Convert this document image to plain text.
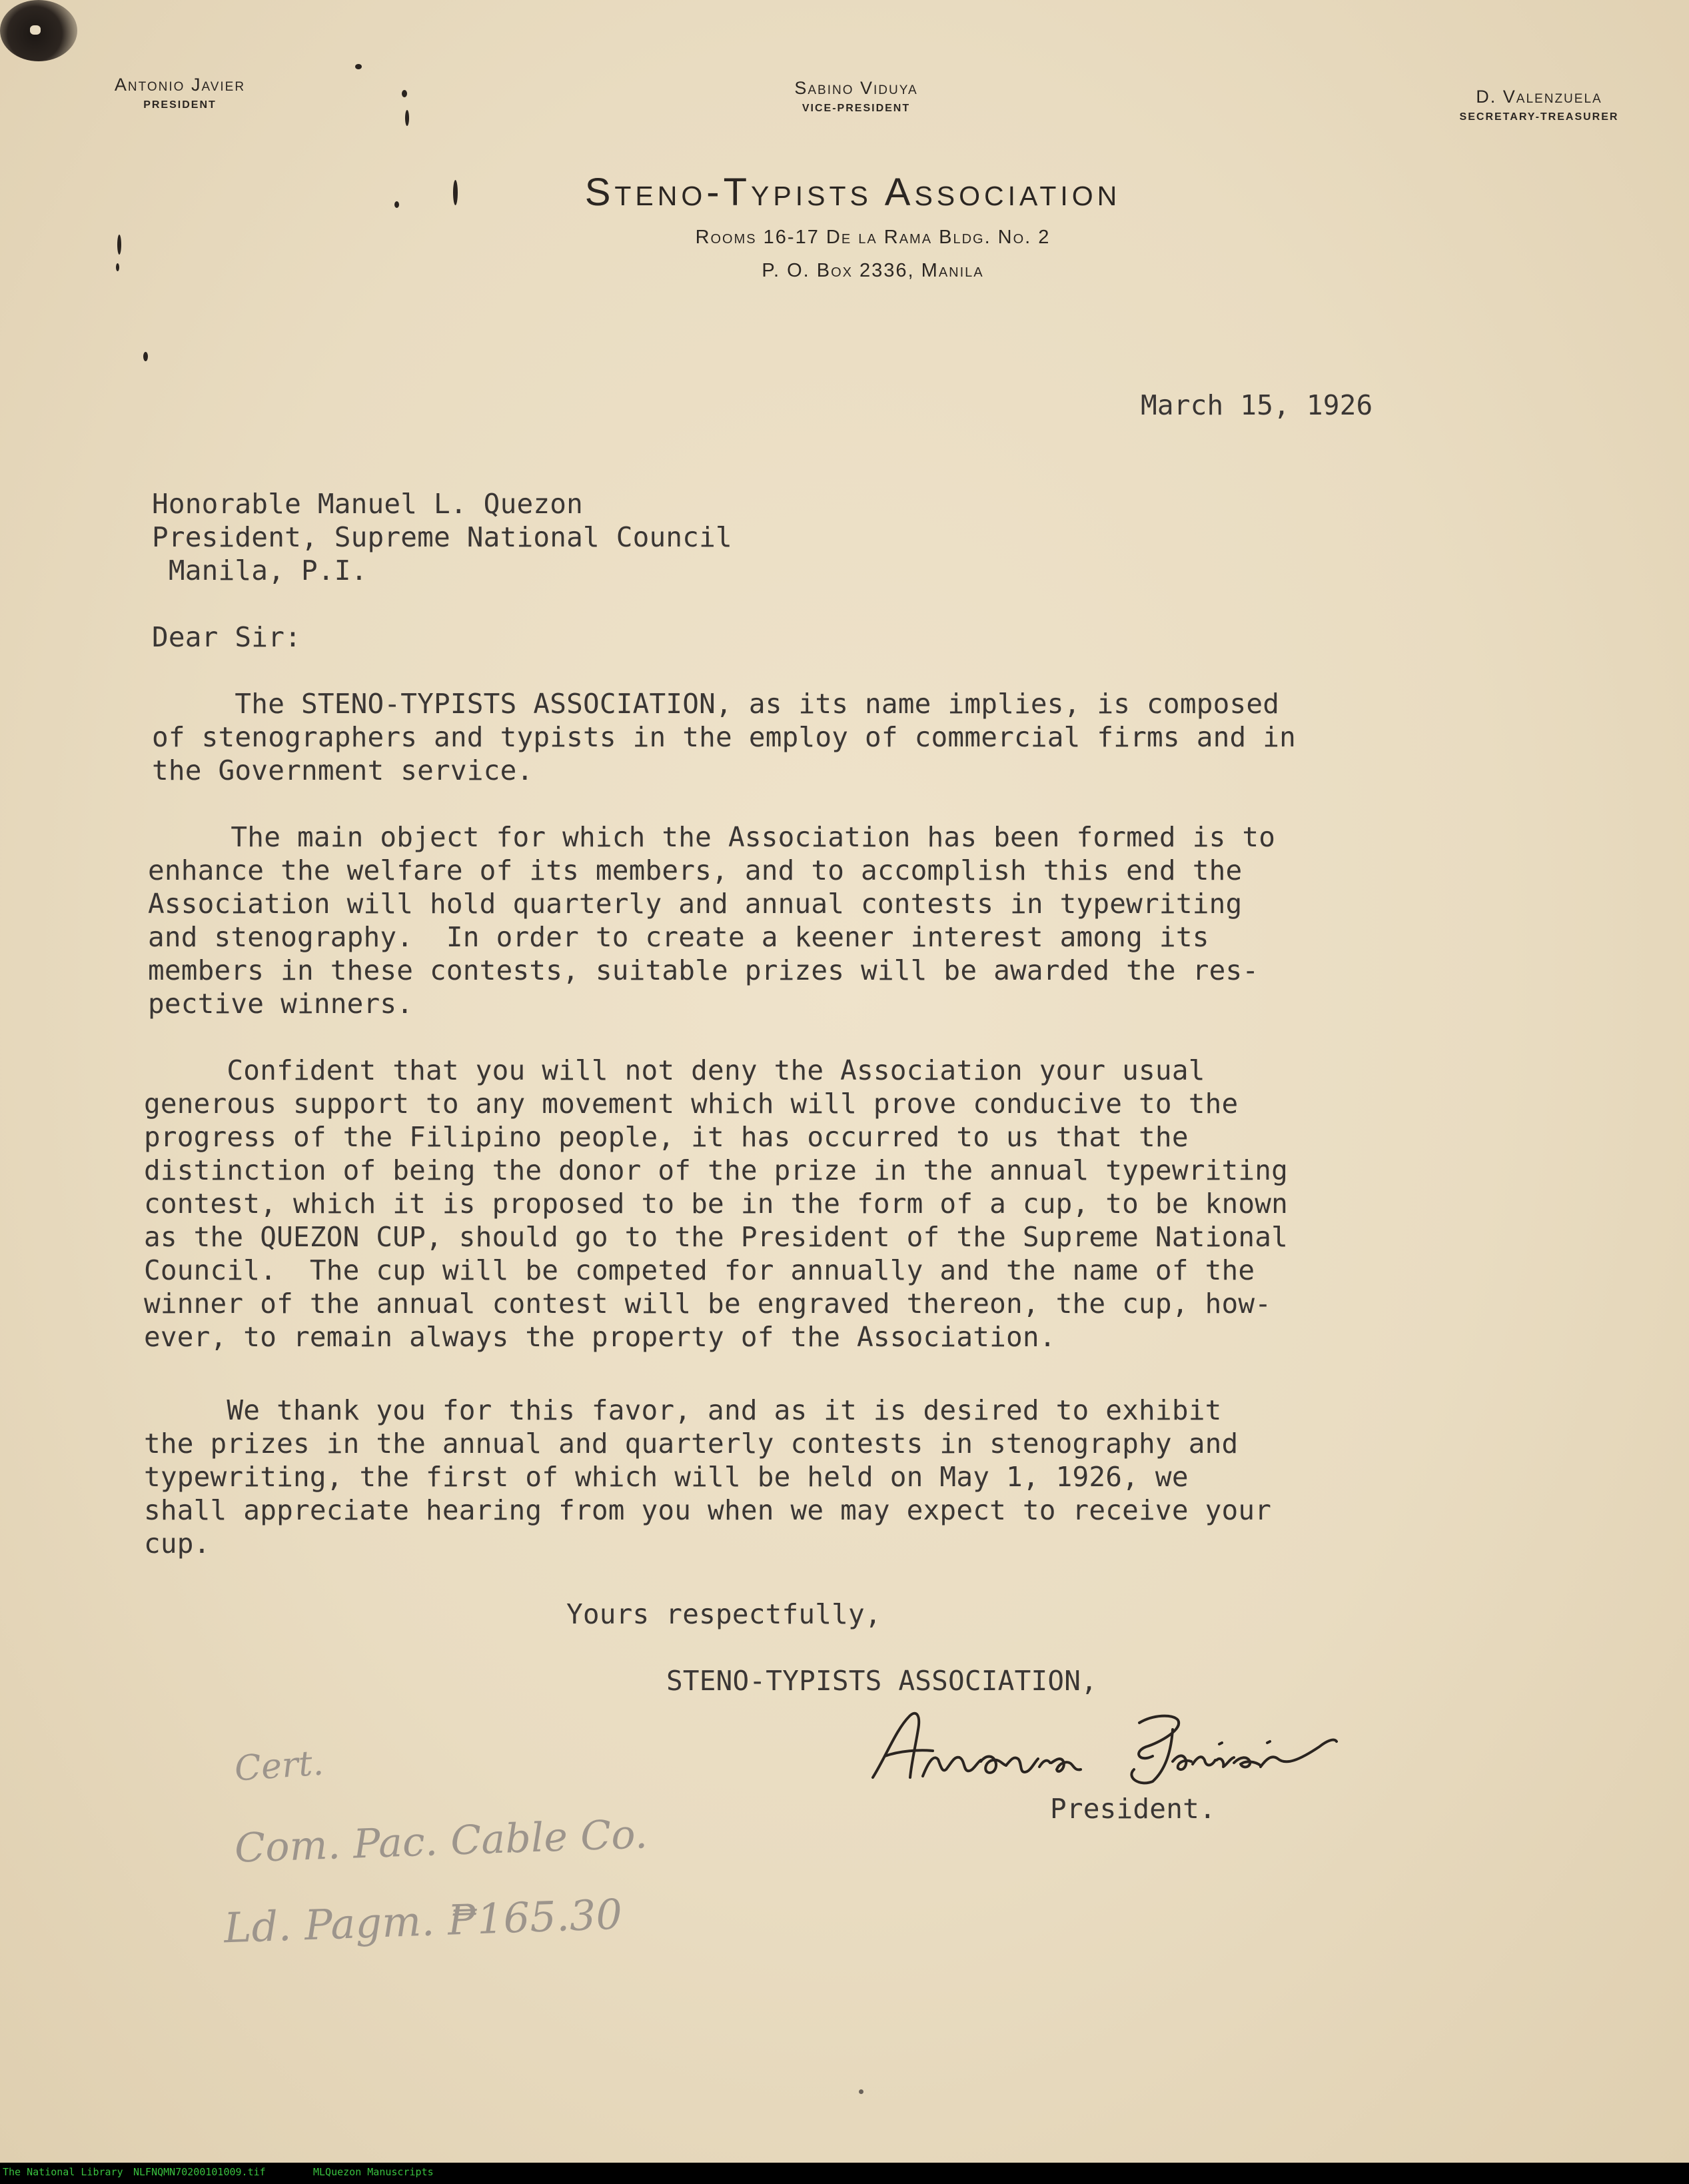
Antonio Javier
PRESIDENT
Sabino Viduya
VICE-PRESIDENT
D. Valenzuela
SECRETARY-TREASURER
Steno-Typists Association
Rooms 16-17 De la Rama Bldg. No. 2
P. O. Box 2336, Manila
March 15, 1926
Honorable Manuel L. Quezon
President, Supreme National Council
Manila, P.I.
Dear Sir:
The STENO-TYPISTS ASSOCIATION, as its name implies, is composed
of stenographers and typists in the employ of commercial firms and in
the Government service.
The main object for which the Association has been formed is to
enhance the welfare of its members, and to accomplish this end the
Association will hold quarterly and annual contests in typewriting
and stenography.  In order to create a keener interest among its
members in these contests, suitable prizes will be awarded the res-
pective winners.
Confident that you will not deny the Association your usual
generous support to any movement which will prove conducive to the
progress of the Filipino people, it has occurred to us that the
distinction of being the donor of the prize in the annual typewriting
contest, which it is proposed to be in the form of a cup, to be known
as the QUEZON CUP, should go to the President of the Supreme National
Council.  The cup will be competed for annually and the name of the
winner of the annual contest will be engraved thereon, the cup, how-
ever, to remain always the property of the Association.
We thank you for this favor, and as it is desired to exhibit
the prizes in the annual and quarterly contests in stenography and
typewriting, the first of which will be held on May 1, 1926, we
shall appreciate hearing from you when we may expect to receive your
cup.
Yours respectfully,
STENO-TYPISTS ASSOCIATION,
President.
Cert.
Com. Pac. Cable Co.
Ld. Pagm. ₱165.30
The National Library NLFNQMN70200101009.tif	MLQuezon Manuscripts
